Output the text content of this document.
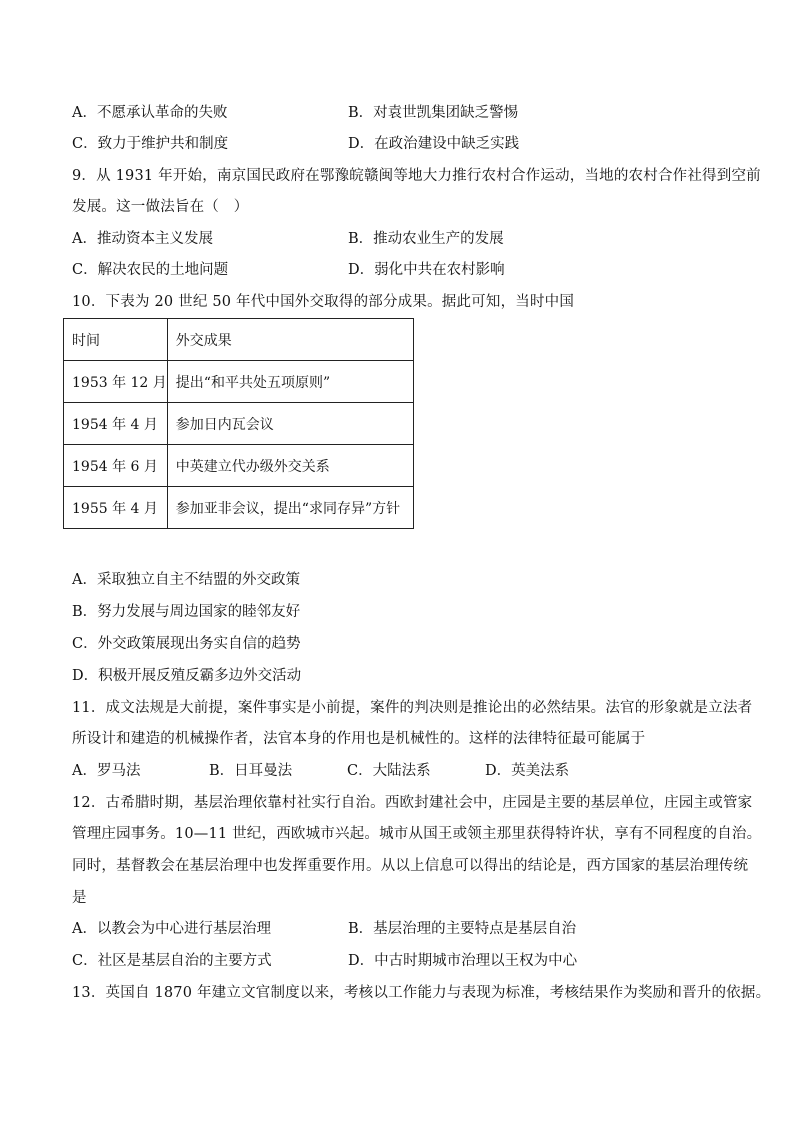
A．不愿承认革命的失败	B．对袁世凯集团缺乏警惕
C．致力于维护共和制度	D．在政治建设中缺乏实践
9．从 1931 年开始，南京国民政府在鄂豫皖赣闽等地大力推行农村合作运动，当地的农村合作社得到空前
发展。这一做法旨在（　）
A．推动资本主义发展	B．推动农业生产的发展
C．解决农民的土地问题	D．弱化中共在农村影响
10．下表为 20 世纪 50 年代中国外交取得的部分成果。据此可知，当时中国
时间	外交成果
1953 年 12 月	提出“和平共处五项原则”
1954 年 4 月	参加日内瓦会议
1954 年 6 月	中英建立代办级外交关系
1955 年 4 月	参加亚非会议，提出“求同存异”方针
A．采取独立自主不结盟的外交政策
B．努力发展与周边国家的睦邻友好
C．外交政策展现出务实自信的趋势
D．积极开展反殖反霸多边外交活动
11．成文法规是大前提，案件事实是小前提，案件的判决则是推论出的必然结果。法官的形象就是立法者
所设计和建造的机械操作者，法官本身的作用也是机械性的。这样的法律特征最可能属于
A．罗马法	B．日耳曼法	C．大陆法系	D．英美法系
12．古希腊时期，基层治理依靠村社实行自治。西欧封建社会中，庄园是主要的基层单位，庄园主或管家
管理庄园事务。10—11 世纪，西欧城市兴起。城市从国王或领主那里获得特许状，享有不同程度的自治。
同时，基督教会在基层治理中也发挥重要作用。从以上信息可以得出的结论是，西方国家的基层治理传统
是
A．以教会为中心进行基层治理	B．基层治理的主要特点是基层自治
C．社区是基层自治的主要方式	D．中古时期城市治理以王权为中心
13．英国自 1870 年建立文官制度以来，考核以工作能力与表现为标准，考核结果作为奖励和晋升的依据。
